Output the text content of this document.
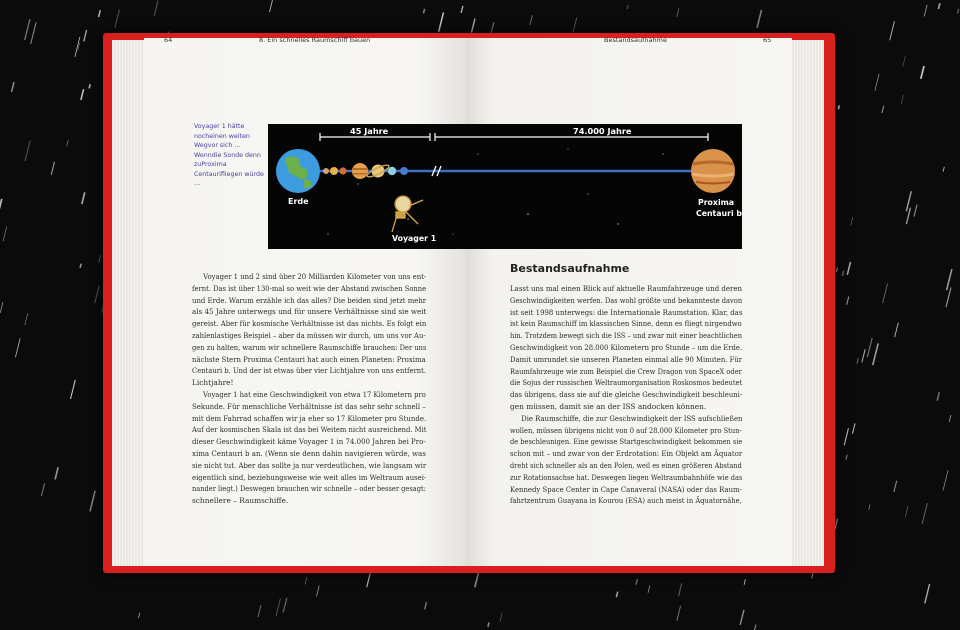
64	8. Ein schnelles Raumschiff bauen	Bestandsaufnahme	65
Voyager 1 hätte nocheinen weiten Wegvor sich … Wenndie Sonde denn zuProxima Centaurifliegen würde …
45 Jahre	74.000 Jahre
Erde
Voyager 1
Proxima
Centauri b
Voyager 1 und 2 sind über 20 Milliarden Kilometer von uns ent-
fernt. Das ist über 130-mal so weit wie der Abstand zwischen Sonne
und Erde. Warum erzähle ich das alles? Die beiden sind jetzt mehr
als 45 Jahre unterwegs und für unsere Verhältnisse sind sie weit
gereist. Aber für kosmische Verhältnisse ist das nichts. Es folgt ein
zahlenlastiges Beispiel – aber da müssen wir durch, um uns vor Au-
gen zu halten, warum wir schnellere Raumschiffe brauchen: Der uns
nächste Stern Proxima Centauri hat auch einen Planeten: Proxima
Centauri b. Und der ist etwas über vier Lichtjahre von uns entfernt.
Lichtjahre!
Voyager 1 hat eine Geschwindigkeit von etwa 17 Kilometern pro
Sekunde. Für menschliche Verhältnisse ist das sehr sehr schnell –
mit dem Fahrrad schaffen wir ja eher so 17 Kilometer pro Stunde.
Auf der kosmischen Skala ist das bei Weitem nicht ausreichend. Mit
dieser Geschwindigkeit käme Voyager 1 in 74.000 Jahren bei Pro-
xima Centauri b an. (Wenn sie denn dahin navigieren würde, was
sie nicht tut. Aber das sollte ja nur verdeutlichen, wie langsam wir
eigentlich sind, beziehungsweise wie weit alles im Weltraum ausei-
nander liegt.) Deswegen brauchen wir schnelle – oder besser gesagt:
schnellere – Raumschiffe.
Bestandsaufnahme
Lasst uns mal einen Blick auf aktuelle Raumfahrzeuge und deren
Geschwindigkeiten werfen. Das wohl größte und bekannteste davon
ist seit 1998 unterwegs: die Internationale Raumstation. Klar, das
ist kein Raumschiff im klassischen Sinne, denn es fliegt nirgendwo
hin. Trotzdem bewegt sich die ISS – und zwar mit einer beachtlichen
Geschwindigkeit von 28.000 Kilometern pro Stunde – um die Erde.
Damit umrundet sie unseren Planeten einmal alle 90 Minuten. Für
Raumfahrzeuge wie zum Beispiel die Crew Dragon von SpaceX oder
die Sojus der russischen Weltraumorganisation Roskosmos bedeutet
das übrigens, dass sie auf die gleiche Geschwindigkeit beschleuni-
gen müssen, damit sie an der ISS andocken können.
Die Raumschiffe, die zur Geschwindigkeit der ISS aufschließen
wollen, müssen übrigens nicht von 0 auf 28.000 Kilometer pro Stun-
de beschleunigen. Eine gewisse Startgeschwindigkeit bekommen sie
schon mit – und zwar von der Erdrotation: Ein Objekt am Äquator
dreht sich schneller als an den Polen, weil es einen größeren Abstand
zur Rotationsachse hat. Deswegen liegen Weltraumbahnhöfe wie das
Kennedy Space Center in Cape Canaveral (NASA) oder das Raum-
fahrtzentrum Guayana in Kourou (ESA) auch meist in Äquatornähe,
